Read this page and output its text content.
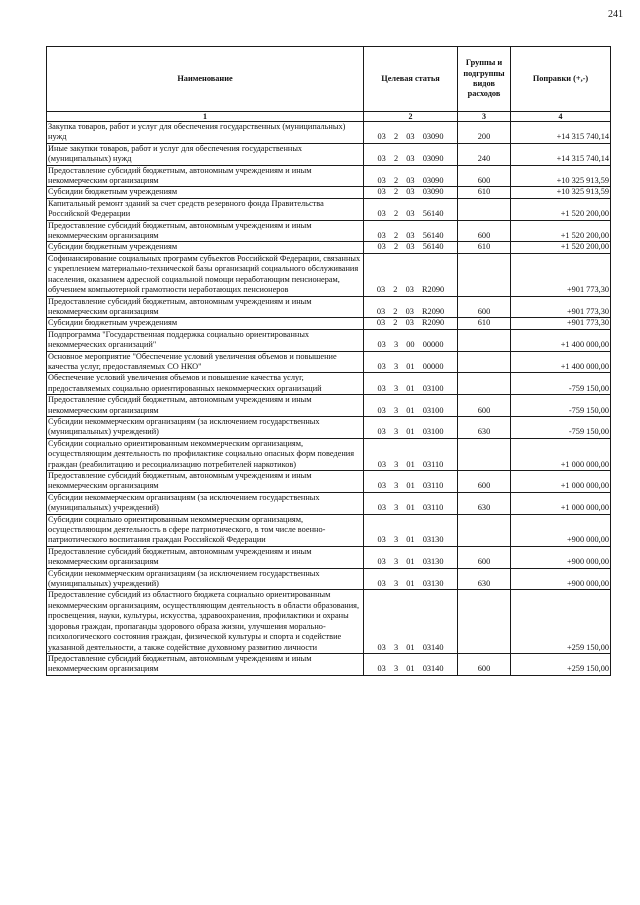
241
Наименование	Целевая статья	Группы и подгруппы видов расходов	Поправки (+,-)
1	2	3	4
Закупка товаров, работ и услуг для обеспечения государственных (муниципальных) нужд	03  2  03  03090	200	+14 315 740,14
Иные закупки товаров, работ и услуг для обеспечения государственных (муниципальных) нужд	03  2  03  03090	240	+14 315 740,14
Предоставление субсидий бюджетным, автономным учреждениям и иным некоммерческим организациям	03  2  03  03090	600	+10 325 913,59
Субсидии бюджетным учреждениям	03  2  03  03090	610	+10 325 913,59
Капитальный ремонт зданий за счет средств резервного фонда Правительства Российской Федерации	03  2  03  56140		+1 520 200,00
Предоставление субсидий бюджетным, автономным учреждениям и иным некоммерческим организациям	03  2  03  56140	600	+1 520 200,00
Субсидии бюджетным учреждениям	03  2  03  56140	610	+1 520 200,00
Софинансирование социальных программ субъектов Российской Федерации, связанных с укреплением материально-технической базы организаций социального обслуживания населения, оказанием адресной социальной помощи неработающим пенсионерам, обучением компьютерной грамотности неработающих пенсионеров	03  2  03  R2090		+901 773,30
Предоставление субсидий бюджетным, автономным учреждениям и иным некоммерческим организациям	03  2  03  R2090	600	+901 773,30
Субсидии бюджетным учреждениям	03  2  03  R2090	610	+901 773,30
Подпрограмма "Государственная поддержка социально ориентированных некоммерческих организаций"	03  3  00  00000		+1 400 000,00
Основное мероприятие "Обеспечение условий увеличения объемов и повышение качества услуг, предоставляемых СО НКО"	03  3  01  00000		+1 400 000,00
Обеспечение условий увеличения объемов и повышение качества услуг, предоставляемых социально ориентированных некоммерческих организаций	03  3  01  03100		-759 150,00
Предоставление субсидий бюджетным, автономным учреждениям и иным некоммерческим организациям	03  3  01  03100	600	-759 150,00
Субсидии некоммерческим организациям (за исключением государственных (муниципальных) учреждений)	03  3  01  03100	630	-759 150,00
Субсидии социально ориентированным некоммерческим организациям, осуществляющим деятельность по профилактике социально опасных форм поведения граждан (реабилитацию и ресоциализацию потребителей наркотиков)	03  3  01  03110		+1 000 000,00
Предоставление субсидий бюджетным, автономным учреждениям и иным некоммерческим организациям	03  3  01  03110	600	+1 000 000,00
Субсидии некоммерческим организациям (за исключением государственных (муниципальных) учреждений)	03  3  01  03110	630	+1 000 000,00
Субсидии социально ориентированным некоммерческим организациям, осуществляющим деятельность в сфере патриотического, в том числе военно-патриотического воспитания граждан Российской Федерации	03  3  01  03130		+900 000,00
Предоставление субсидий бюджетным, автономным учреждениям и иным некоммерческим организациям	03  3  01  03130	600	+900 000,00
Субсидии некоммерческим организациям (за исключением государственных (муниципальных) учреждений)	03  3  01  03130	630	+900 000,00
Предоставление субсидий из областного бюджета социально ориентированным некоммерческим организациям, осуществляющим деятельность в области образования, просвещения, науки, культуры, искусства, здравоохранения, профилактики и охраны здоровья граждан, пропаганды здорового образа жизни, улучшения морально-психологического состояния граждан, физической культуры и спорта и содействие указанной деятельности, а также содействие духовному развитию личности	03  3  01  03140		+259 150,00
Предоставление субсидий бюджетным, автономным учреждениям и иным некоммерческим организациям	03  3  01  03140	600	+259 150,00
